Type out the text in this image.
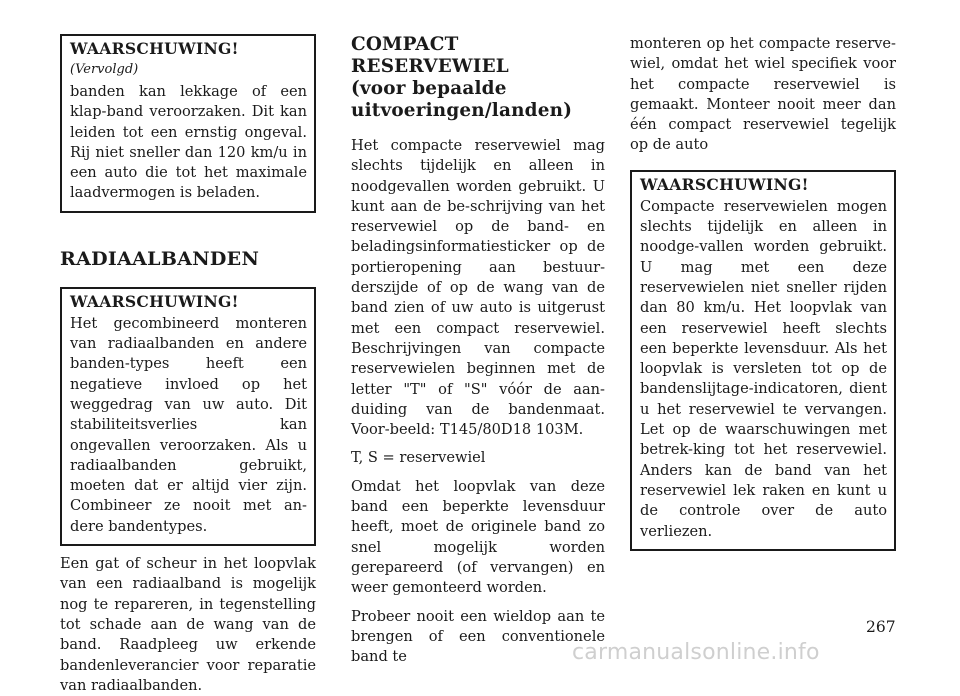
WAARSCHUWING! (Vervolgd)

banden kan lekkage of een klap-band veroorzaken. Dit kan leiden tot een ernstig ongeval. Rij niet sneller dan 120 km/u in een auto die tot het maximale laadvermogen is beladen.

RADIAALBANDEN
WAARSCHUWING!

Het gecombineerd monteren van radiaalbanden en andere banden-types heeft een negatieve invloed op het weggedrag van uw auto. Dit stabiliteitsverlies kan ongevallen veroorzaken. Als u radiaalbanden gebruikt, moeten dat er altijd vier zijn. Combineer ze nooit met an-dere bandentypes.

Een gat of scheur in het loopvlak van een radiaalband is mogelijk nog te repareren, in tegenstelling tot schade aan de wang van de band. Raadpleeg uw erkende bandenleverancier voor reparatie van radiaalbanden.

COMPACT RESERVEWIEL
(voor bepaalde
uitvoeringen/landen)

Het compacte reservewiel mag slechts tijdelijk en alleen in noodgevallen worden gebruikt. U kunt aan de be-schrijving van het reservewiel op de band- en beladingsinformatiesticker op de portieropening aan bestuur-derszijde of op de wang van de band zien of uw auto is uitgerust met een compact reservewiel. Beschrijvingen van compacte reservewielen beginnen met de letter "T" of "S" vóór de aan-duiding van de bandenmaat. Voor-beeld: T145/80D18 103M.

T, S = reservewiel

Omdat het loopvlak van deze band een beperkte levensduur heeft, moet de originele band zo snel mogelijk worden gerepareerd (of vervangen) en weer gemonteerd worden.

Probeer nooit een wieldop aan te brengen of een conventionele band te

monteren op het compacte reserve-wiel, omdat het wiel specifiek voor het compacte reservewiel is gemaakt. Monteer nooit meer dan één compact reservewiel tegelijk op de auto

WAARSCHUWING!

Compacte reservewielen mogen slechts tijdelijk en alleen in noodge-vallen worden gebruikt. U mag met een deze reservewielen niet sneller rijden dan 80 km/u. Het loopvlak van een reservewiel heeft slechts een beperkte levensduur. Als het loopvlak is versleten tot op de bandenslijtage-indicatoren, dient u het reservewiel te vervangen. Let op de waarschuwingen met betrek-king tot het reservewiel. Anders kan de band van het reservewiel lek raken en kunt u de controle over de auto verliezen.

267
carmanualsonline.info
